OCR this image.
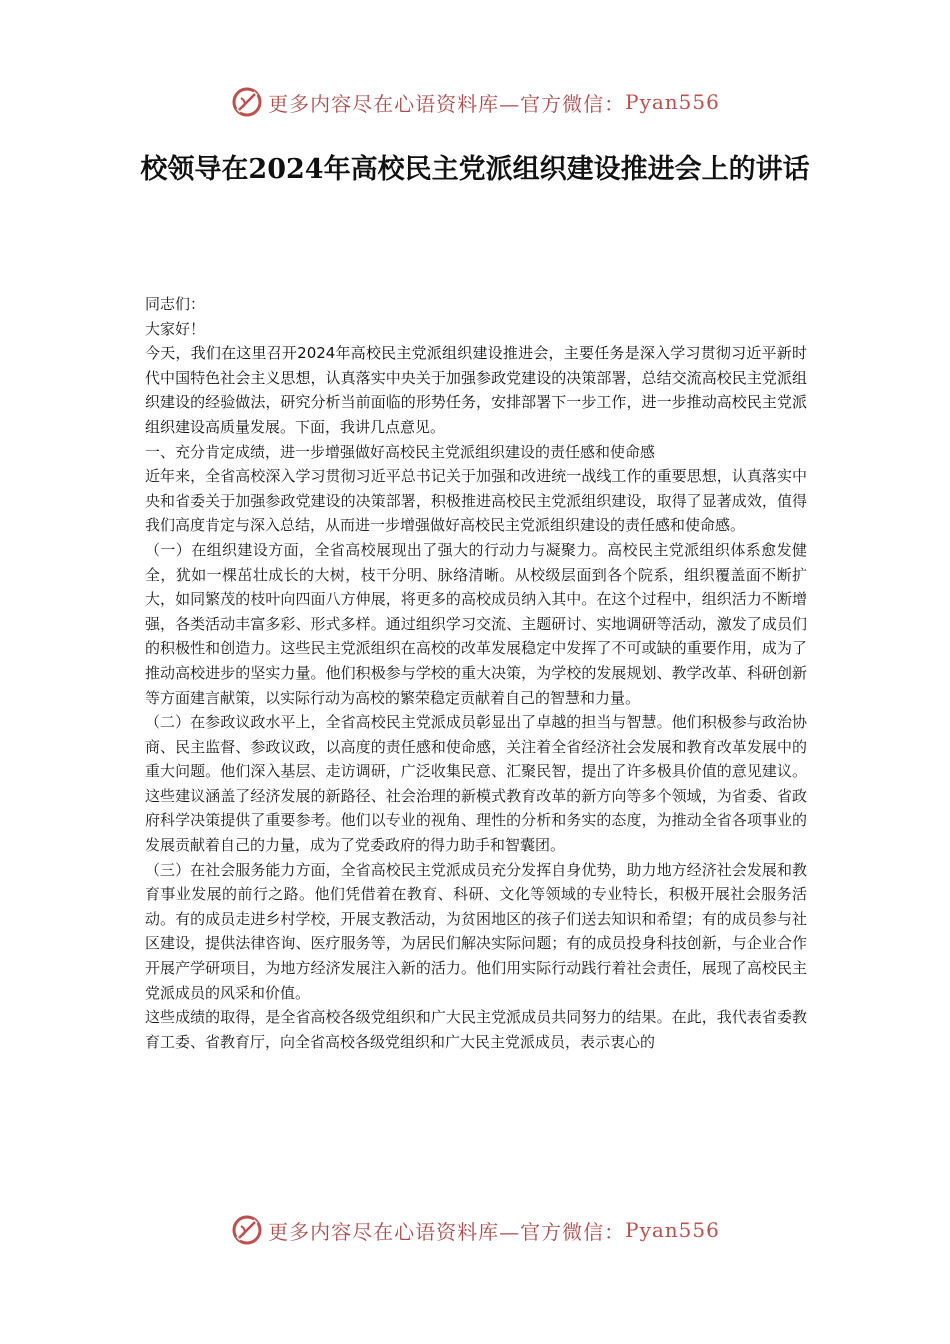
更多内容尽在心语资料库—官方微信： Pyan556
校领导在2024年高校民主党派组织建设推进会上的讲话

同志们：

大家好！

今天，我们在这里召开2024年高校民主党派组织建设推进会，主要任务是深入学习贯彻习近平新时代中国特色社会主义思想，认真落实中央关于加强参政党建设的决策部署，总结交流高校民主党派组织建设的经验做法，研究分析当前面临的形势任务，安排部署下一步工作，进一步推动高校民主党派组织建设高质量发展。下面，我讲几点意见。

一、充分肯定成绩，进一步增强做好高校民主党派组织建设的责任感和使命感

近年来，全省高校深入学习贯彻习近平总书记关于加强和改进统一战线工作的重要思想，认真落实中央和省委关于加强参政党建设的决策部署，积极推进高校民主党派组织建设，取得了显著成效，值得我们高度肯定与深入总结，从而进一步增强做好高校民主党派组织建设的责任感和使命感。

（一）在组织建设方面，全省高校展现出了强大的行动力与凝聚力。高校民主党派组织体系愈发健全，犹如一棵茁壮成长的大树，枝干分明、脉络清晰。从校级层面到各个院系，组织覆盖面不断扩大，如同繁茂的枝叶向四面八方伸展，将更多的高校成员纳入其中。在这个过程中，组织活力不断增强，各类活动丰富多彩、形式多样。通过组织学习交流、主题研讨、实地调研等活动，激发了成员们的积极性和创造力。这些民主党派组织在高校的改革发展稳定中发挥了不可或缺的重要作用，成为了推动高校进步的坚实力量。他们积极参与学校的重大决策，为学校的发展规划、教学改革、科研创新等方面建言献策，以实际行动为高校的繁荣稳定贡献着自己的智慧和力量。

（二）在参政议政水平上，全省高校民主党派成员彰显出了卓越的担当与智慧。他们积极参与政治协商、民主监督、参政议政，以高度的责任感和使命感，关注着全省经济社会发展和教育改革发展中的重大问题。他们深入基层、走访调研，广泛收集民意、汇聚民智，提出了许多极具价值的意见建议。这些建议涵盖了经济发展的新路径、社会治理的新模式教育改革的新方向等多个领域，为省委、省政府科学决策提供了重要参考。他们以专业的视角、理性的分析和务实的态度，为推动全省各项事业的发展贡献着自己的力量，成为了党委政府的得力助手和智囊团。

（三）在社会服务能力方面，全省高校民主党派成员充分发挥自身优势，助力地方经济社会发展和教育事业发展的前行之路。他们凭借着在教育、科研、文化等领域的专业特长，积极开展社会服务活动。有的成员走进乡村学校，开展支教活动，为贫困地区的孩子们送去知识和希望；有的成员参与社区建设，提供法律咨询、医疗服务等，为居民们解决实际问题；有的成员投身科技创新，与企业合作开展产学研项目，为地方经济发展注入新的活力。他们用实际行动践行着社会责任，展现了高校民主党派成员的风采和价值。

这些成绩的取得，是全省高校各级党组织和广大民主党派成员共同努力的结果。在此，我代表省委教育工委、省教育厅，向全省高校各级党组织和广大民主党派成员，表示衷心的

更多内容尽在心语资料库—官方微信： Pyan556
